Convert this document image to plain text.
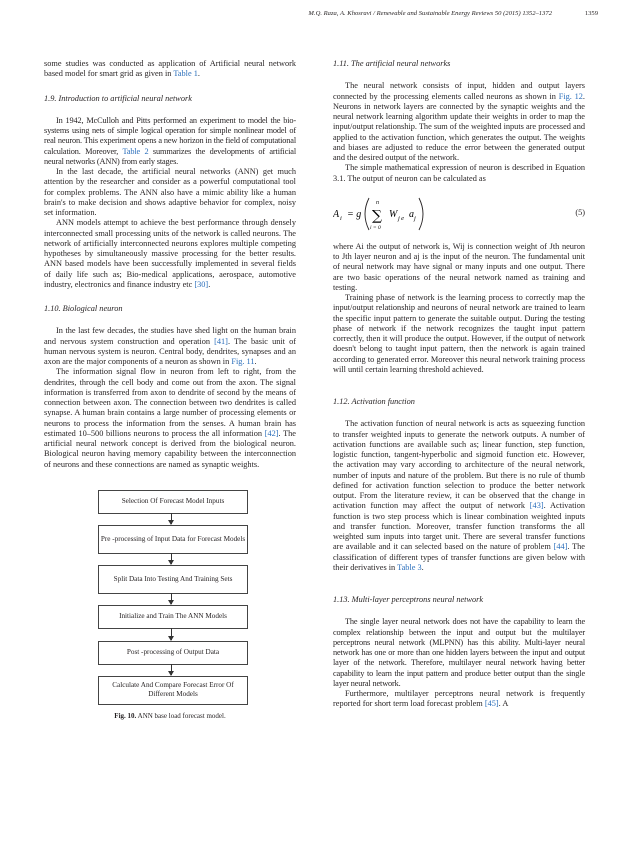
M.Q. Raza, A. Khosravi / Renewable and Sustainable Energy Reviews 50 (2015) 1352–1372	1359

some studies was conducted as application of Artificial neural network based model for smart grid as given in Table 1.

1.9. Introduction to artificial neural network

In 1942, McCulloh and Pitts performed an experiment to model the bio-systems using nets of simple logical operation for simple nonlinear model of real neuron. This experiment opens a new horizon in the field of computational calculation. Moreover, Table 2 summarizes the developments of artificial neural networks (ANN) from early stages.

In the last decade, the artificial neural networks (ANN) get much attention by the researcher and consider as a powerful computational tool for complex problems. The ANN also have a mimic ability like a human brain's to make decision and shows adaptive behavior for complex, noisy set information.

ANN models attempt to achieve the best performance through densely interconnected small processing units of the network is called neurons. The network of artificially interconnected neurons explores multiple competing hypotheses by simultaneously massive processing for the better results. ANN based models have been successfully implemented in several fields of daily life such as; Bio-medical applications, aerospace, automotive industry, electronics and finance industry etc [30].

1.10. Biological neuron

In the last few decades, the studies have shed light on the human brain and nervous system construction and operation [41]. The basic unit of human nervous system is neuron. Central body, dendrites, synapses and an axon are the major components of a neuron as shown in Fig. 11.

The information signal flow in neuron from left to right, from the dendrites, through the cell body and come out from the axon. The signal information is transferred from axon to dendrite of second by the means of connection between axon. The connection between two dendrites is called synapse. A human brain contains a large number of processing elements or neurons to process the information from the senses. A human brain has estimated 10–500 billions neurons to process the all information [42]. The artificial neural network concept is derived from the biological neuron. Biological neuron having memory capability between the interconnection of neurons and these connections are named as synaptic weights.

Selection Of Forecast Model Inputs
Pre -processing of Input Data for Forecast Models
Split Data Into Testing And Training Sets
Initialize and Train The ANN Models
Post -processing of Output Data
Calculate And Compare Forecast Error Of Different Models
Fig. 10. ANN base load forecast model.
1.11. The artificial neural networks

The neural network consists of input, hidden and output layers connected by the processing elements called neurons as shown in Fig. 12. Neurons in network layers are connected by the synaptic weights and the neural network learning algorithm update their weights in order to map the input/output relationship. The sum of the weighted inputs are processed and applied to the activation function, which generates the output. The weights and biases are adjusted to reduce the error between the generated output and the desired output of the network.

The simple mathematical expression of neuron is described in Equation 3.1. The output of neuron can be calculated as

A i = g
n
∑
i = 0
W j e a j
(5)

where Ai the output of network is, Wij is connection weight of Jth neuron to Jth layer neuron and aj is the input of the neuron. The fundamental unit of neural network may have signal or many inputs and one output. There are two basic operations of the neural network named as training and testing.

Training phase of network is the learning process to correctly map the input/output relationship and neurons of neural network are trained to learn the specific input pattern to generate the suitable output. During the testing phase of network if the network recognizes the taught input pattern correctly, then it will produce the output. However, if the output of network doesn't belong to taught input pattern, then the network is again trained according to generated error. Moreover this neural network training process will until certain learning threshold achieved.

1.12. Activation function

The activation function of neural network is acts as squeezing function to transfer weighted inputs to generate the network outputs. A number of activation functions are available such as; linear function, step function, logistic function, tangent-hyperbolic and sigmoid function etc. However, the activation may vary according to architecture of the neural network, number of inputs and nature of the problem. But there is no rule of thumb defined for activation function selection to produce the better network output. From the literature review, it can be observed that the change in activation function may affect the output of network [43]. Activation function is two step process which is linear combination weighted inputs and transfer function. Moreover, transfer function transforms the all weighted sum inputs into target unit. There are several transfer functions are available and it can selected based on the nature of problem [44]. The classification of different types of transfer functions are given below with their derivatives in Table 3.

1.13. Multi-layer perceptrons neural network

The single layer neural network does not have the capability to learn the complex relationship between the input and output but the multilayer perceptrons neural network (MLPNN) has this ability. Multi-layer neural network has one or more than one hidden layers between the input and output layer of the network. Therefore, multilayer neural network having better capability to learn the input pattern and produce better output than the single layer neural network.

Furthermore, multilayer perceptrons neural network is frequently reported for short term load forecast problem [45]. A
